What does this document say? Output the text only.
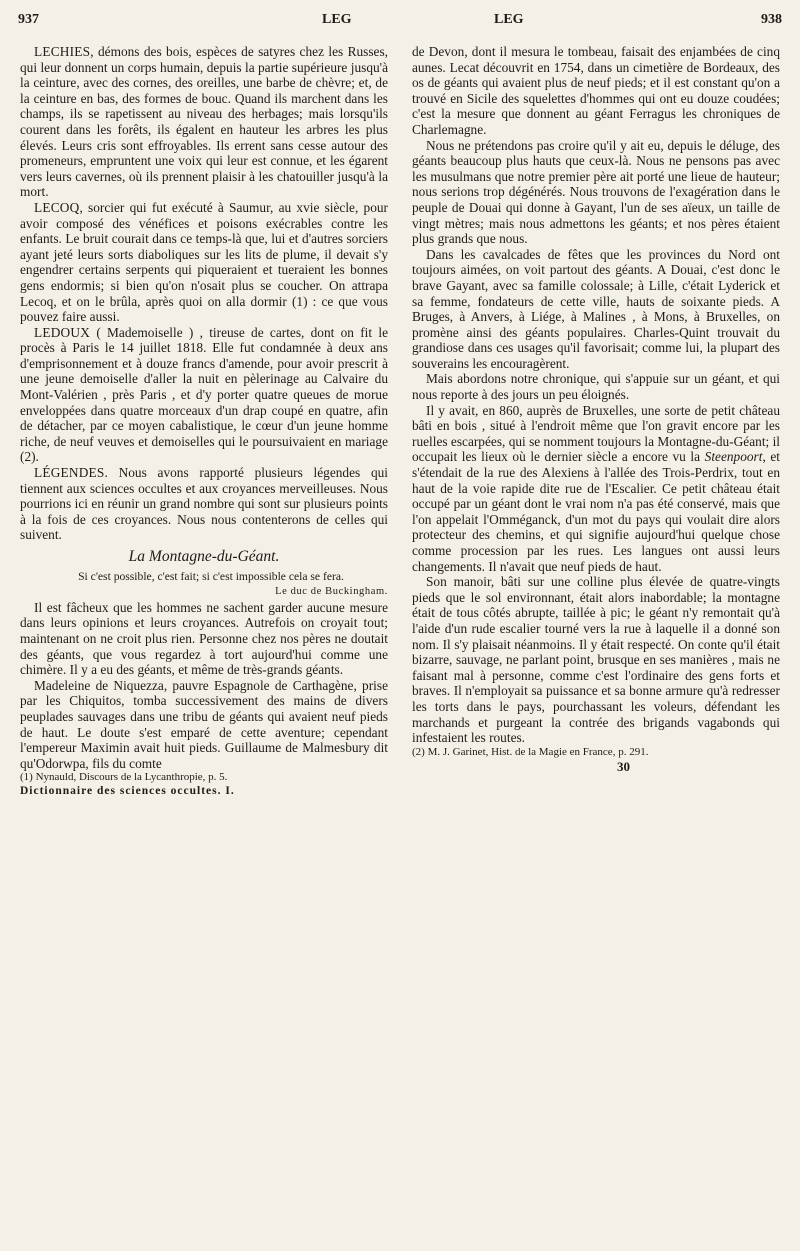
937	LEG	LEG	938

LECHIES, démons des bois, espèces de satyres chez les Russes, qui leur donnent un corps humain, depuis la partie supérieure jusqu'à la ceinture, avec des cornes, des oreilles, une barbe de chèvre; et, de la ceinture en bas, des formes de bouc. Quand ils marchent dans les champs, ils se rapetissent au niveau des herbages; mais lorsqu'ils courent dans les forêts, ils égalent en hauteur les arbres les plus élevés. Leurs cris sont effroyables. Ils errent sans cesse autour des promeneurs, empruntent une voix qui leur est connue, et les égarent vers leurs cavernes, où ils prennent plaisir à les chatouiller jusqu'à la mort.

LECOQ, sorcier qui fut exécuté à Saumur, au xvie siècle, pour avoir composé des vénéfices et poisons exécrables contre les enfants. Le bruit courait dans ce temps-là que, lui et d'autres sorciers ayant jeté leurs sorts diaboliques sur les lits de plume, il devait s'y engendrer certains serpents qui piqueraient et tueraient les bonnes gens endormis; si bien qu'on n'osait plus se coucher. On attrapa Lecoq, et on le brûla, après quoi on alla dormir (1) : ce que vous pouvez faire aussi.

LEDOUX ( Mademoiselle ) , tireuse de cartes, dont on fit le procès à Paris le 14 juillet 1818. Elle fut condamnée à deux ans d'emprisonnement et à douze francs d'amende, pour avoir prescrit à une jeune demoiselle d'aller la nuit en pèlerinage au Calvaire du Mont-Valérien , près Paris , et d'y porter quatre queues de morue enveloppées dans quatre morceaux d'un drap coupé en quatre, afin de détacher, par ce moyen cabalistique, le cœur d'un jeune homme riche, de neuf veuves et demoiselles qui le poursuivaient en mariage (2).

LÉGENDES. Nous avons rapporté plusieurs légendes qui tiennent aux sciences occultes et aux croyances merveilleuses. Nous pourrions ici en réunir un grand nombre qui sont sur plusieurs points à la fois de ces croyances. Nous nous contenterons de celles qui suivent.

La Montagne-du-Géant.

Si c'est possible, c'est fait; si c'est impossible cela se fera.

Le duc de Buckingham.

Il est fâcheux que les hommes ne sachent garder aucune mesure dans leurs opinions et leurs croyances. Autrefois on croyait tout; maintenant on ne croit plus rien. Personne chez nos pères ne doutait des géants, que vous regardez à tort aujourd'hui comme une chimère. Il y a eu des géants, et même de très-grands géants.

Madeleine de Niquezza, pauvre Espagnole de Carthagène, prise par les Chiquitos, tomba successivement des mains de divers peuplades sauvages dans une tribu de géants qui avaient neuf pieds de haut. Le doute s'est emparé de cette aventure; cependant l'empereur Maximin avait huit pieds. Guillaume de Malmesbury dit qu'Odorwpa, fils du comte

(1) Nynauld, Discours de la Lycanthropie, p. 5.

Dictionnaire des sciences occultes. I.

de Devon, dont il mesura le tombeau, faisait des enjambées de cinq aunes. Lecat découvrit en 1754, dans un cimetière de Bordeaux, des os de géants qui avaient plus de neuf pieds; et il est constant qu'on a trouvé en Sicile des squelettes d'hommes qui ont eu douze coudées; c'est la mesure que donnent au géant Ferragus les chroniques de Charlemagne.

Nous ne prétendons pas croire qu'il y ait eu, depuis le déluge, des géants beaucoup plus hauts que ceux-là. Nous ne pensons pas avec les musulmans que notre premier père ait porté une lieue de hauteur; nous serions trop dégénérés. Nous trouvons de l'exagération dans le peuple de Douai qui donne à Gayant, l'un de ses aïeux, un taille de vingt mètres; mais nous admettons les géants; et nos pères étaient plus grands que nous.

Dans les cavalcades de fêtes que les provinces du Nord ont toujours aimées, on voit partout des géants. A Douai, c'est donc le brave Gayant, avec sa famille colossale; à Lille, c'était Lyderick et sa femme, fondateurs de cette ville, hauts de soixante pieds. A Bruges, à Anvers, à Liége, à Malines , à Mons, à Bruxelles, on promène ainsi des géants populaires. Charles-Quint trouvait du grandiose dans ces usages qu'il favorisait; comme lui, la plupart des souverains les encouragèrent.

Mais abordons notre chronique, qui s'appuie sur un géant, et qui nous reporte à des jours un peu éloignés.

Il y avait, en 860, auprès de Bruxelles, une sorte de petit château bâti en bois , situé à l'endroit même que l'on gravit encore par les ruelles escarpées, qui se nomment toujours la Montagne-du-Géant; il occupait les lieux où le dernier siècle a encore vu la Steenpoort, et s'étendait de la rue des Alexiens à l'allée des Trois-Perdrix, tout en haut de la voie rapide dite rue de l'Escalier. Ce petit château était occupé par un géant dont le vrai nom n'a pas été conservé, mais que l'on appelait l'Omméganck, d'un mot du pays qui voulait dire alors protecteur des chemins, et qui signifie aujourd'hui quelque chose comme procession par les rues. Les langues ont aussi leurs changements. Il n'avait que neuf pieds de haut.

Son manoir, bâti sur une colline plus élevée de quatre-vingts pieds que le sol environnant, était alors inabordable; la montagne était de tous côtés abrupte, taillée à pic; le géant n'y remontait qu'à l'aide d'un rude escalier tourné vers la rue à laquelle il a donné son nom. Il s'y plaisait néanmoins. Il y était respecté. On conte qu'il était bizarre, sauvage, ne parlant point, brusque en ses manières , mais ne faisant mal à personne, comme c'est l'ordinaire des gens forts et braves. Il n'employait sa puissance et sa bonne armure qu'à redresser les torts dans le pays, pourchassant les voleurs, défendant les marchands et purgeant la contrée des brigands vagabonds qui infestaient les routes.

(2) M. J. Garinet, Hist. de la Magie en France, p. 291.

30
